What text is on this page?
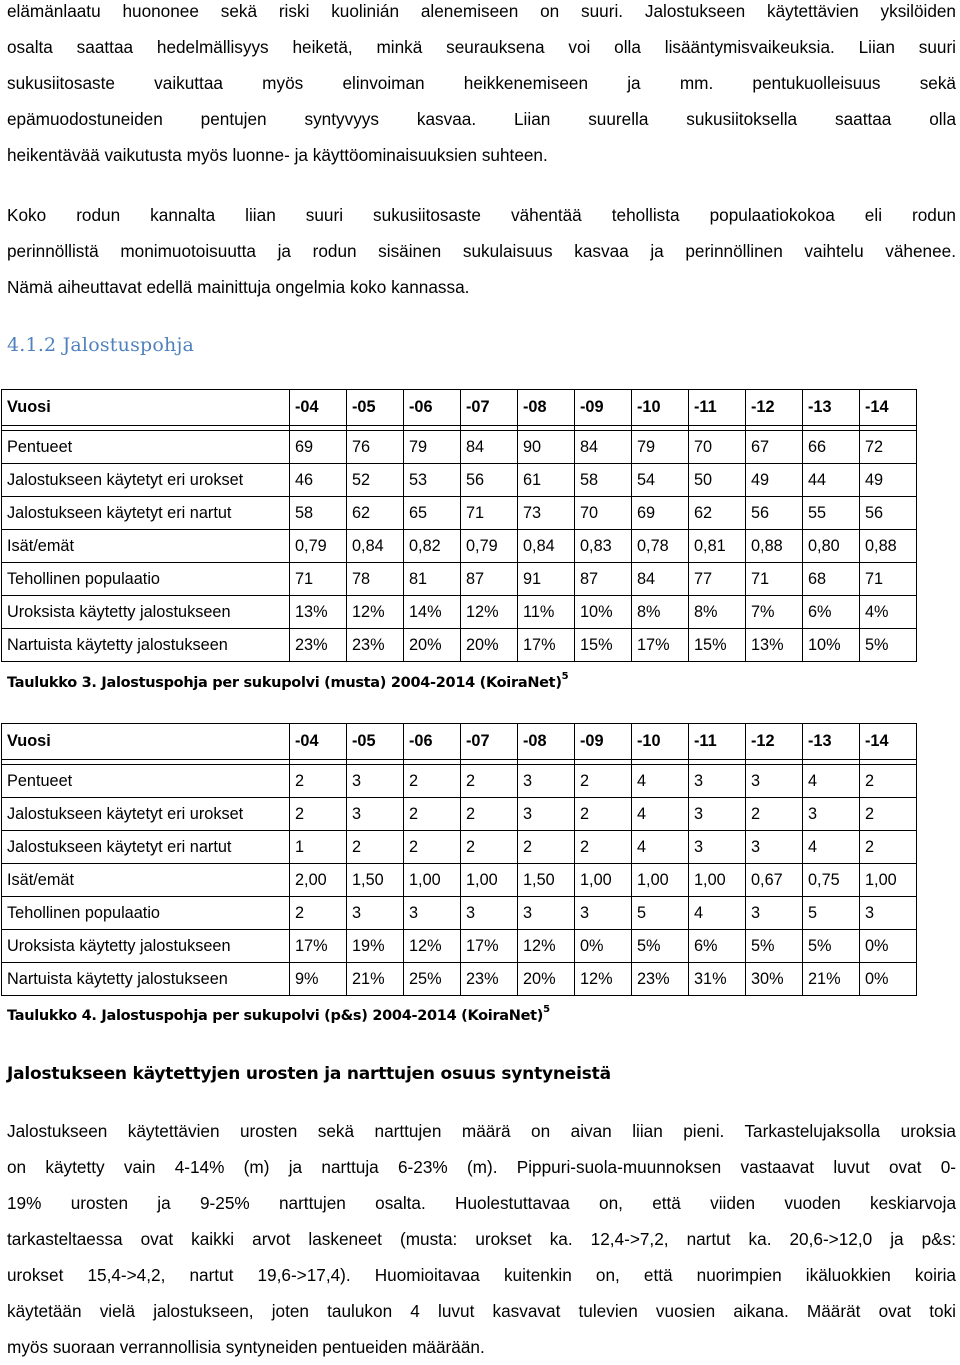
elämänlaatu huononee sekä riski kuolinián alenemiseen on suuri. Jalostukseen käytettävien yksilöiden
osalta saattaa hedelmällisyys heiketä, minkä seurauksena voi olla lisääntymisvaikeuksia. Liian suuri
sukusiitosaste vaikuttaa myös elinvoiman heikkenemiseen ja mm. pentukuolleisuus sekä
epämuodostuneiden pentujen syntyvyys kasvaa. Liian suurella sukusiitoksella saattaa olla
heikentävää vaikutusta myös luonne- ja käyttöominaisuuksien suhteen.

Koko rodun kannalta liian suuri sukusiitosaste vähentää tehollista populaatiokokoa eli rodun
perinnöllistä monimuotoisuutta ja rodun sisäinen sukulaisuus kasvaa ja perinnöllinen vaihtelu vähenee.
Nämä aiheuttavat edellä mainittuja ongelmia koko kannassa.

4.1.2 Jalostuspohja
Vuosi	-04	-05	-06	-07	-08	-09	-10	-11	-12	-13	-14

Pentueet	69	76	79	84	90	84	79	70	67	66	72
Jalostukseen käytetyt eri urokset	46	52	53	56	61	58	54	50	49	44	49
Jalostukseen käytetyt eri nartut	58	62	65	71	73	70	69	62	56	55	56
Isät/emät	0,79	0,84	0,82	0,79	0,84	0,83	0,78	0,81	0,88	0,80	0,88
Tehollinen populaatio	71	78	81	87	91	87	84	77	71	68	71
Uroksista käytetty jalostukseen	13%	12%	14%	12%	11%	10%	8%	8%	7%	6%	4%
Nartuista käytetty jalostukseen	23%	23%	20%	20%	17%	15%	17%	15%	13%	10%	5%

Taulukko 3. Jalostuspohja per sukupolvi (musta) 2004-2014 (KoiraNet)$^5$

Vuosi	-04	-05	-06	-07	-08	-09	-10	-11	-12	-13	-14

Pentueet	2	3	2	2	3	2	4	3	3	4	2
Jalostukseen käytetyt eri urokset	2	3	2	2	3	2	4	3	2	3	2
Jalostukseen käytetyt eri nartut	1	2	2	2	2	2	4	3	3	4	2
Isät/emät	2,00	1,50	1,00	1,00	1,50	1,00	1,00	1,00	0,67	0,75	1,00
Tehollinen populaatio	2	3	3	3	3	3	5	4	3	5	3
Uroksista käytetty jalostukseen	17%	19%	12%	17%	12%	0%	5%	6%	5%	5%	0%
Nartuista käytetty jalostukseen	9%	21%	25%	23%	20%	12%	23%	31%	30%	21%	0%

Taulukko 4. Jalostuspohja per sukupolvi (p&s) 2004-2014 (KoiraNet)$^5$

Jalostukseen käytettyjen urosten ja narttujen osuus syntyneistä

Jalostukseen käytettävien urosten sekä narttujen määrä on aivan liian pieni. Tarkastelujaksolla uroksia
on käytetty vain 4-14% (m) ja narttuja 6-23% (m). Pippuri-suola-muunnoksen vastaavat luvut ovat 0-
19% urosten ja 9-25% narttujen osalta. Huolestuttavaa on, että viiden vuoden keskiarvoja
tarkasteltaessa ovat kaikki arvot laskeneet (musta: urokset ka. 12,4->7,2, nartut ka. 20,6->12,0 ja p&s:
urokset 15,4->4,2, nartut 19,6->17,4). Huomioitavaa kuitenkin on, että nuorimpien ikäluokkien koiria
käytetään vielä jalostukseen, joten taulukon 4 luvut kasvavat tulevien vuosien aikana. Määrät ovat toki
myös suoraan verrannollisia syntyneiden pentueiden määrään.
